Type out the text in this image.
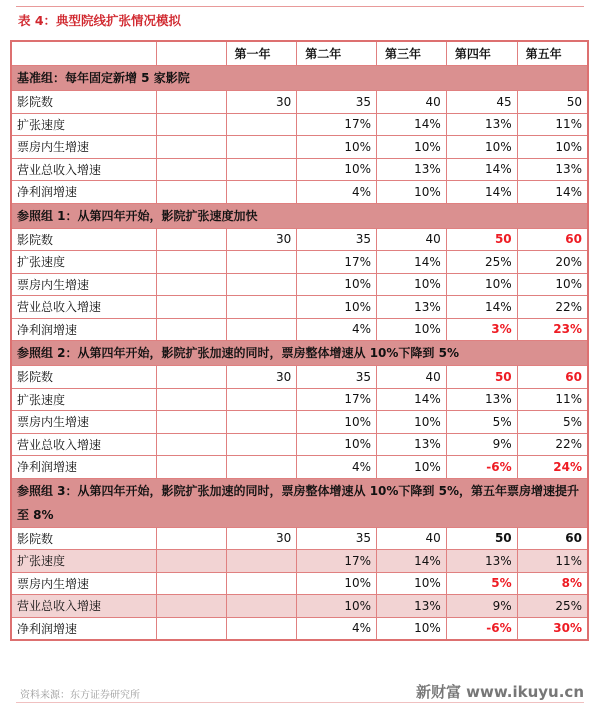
表 4：典型院线扩张情况模拟
		第一年	第二年	第三年	第四年	第五年
基准组：每年固定新增 5 家影院						
影院数		30	35	40	45	50
扩张速度			17%	14%	13%	11%
票房内生增速			10%	10%	10%	10%
营业总收入增速			10%	13%	14%	13%
净利润增速			4%	10%	14%	14%
参照组 1：从第四年开始，影院扩张速度加快						
影院数		30	35	40	50	60
扩张速度			17%	14%	25%	20%
票房内生增速			10%	10%	10%	10%
营业总收入增速			10%	13%	14%	22%
净利润增速			4%	10%	3%	23%
参照组 2：从第四年开始，影院扩张加速的同时，票房整体增速从 10%下降到 5%						
影院数		30	35	40	50	60
扩张速度			17%	14%	13%	11%
票房内生增速			10%	10%	5%	5%
营业总收入增速			10%	13%	9%	22%
净利润增速			4%	10%	-6%	24%
参照组 3：从第四年开始，影院扩张加速的同时，票房整体增速从 10%下降到 5%，第五年票房增速提升至 8%						
影院数		30	35	40	50	60
扩张速度			17%	14%	13%	11%
票房内生增速			10%	10%	5%	8%
营业总收入增速			10%	13%	9%	25%
净利润增速			4%	10%	-6%	30%
资料来源：东方证券研究所	新财富 www.ikuyu.cn
